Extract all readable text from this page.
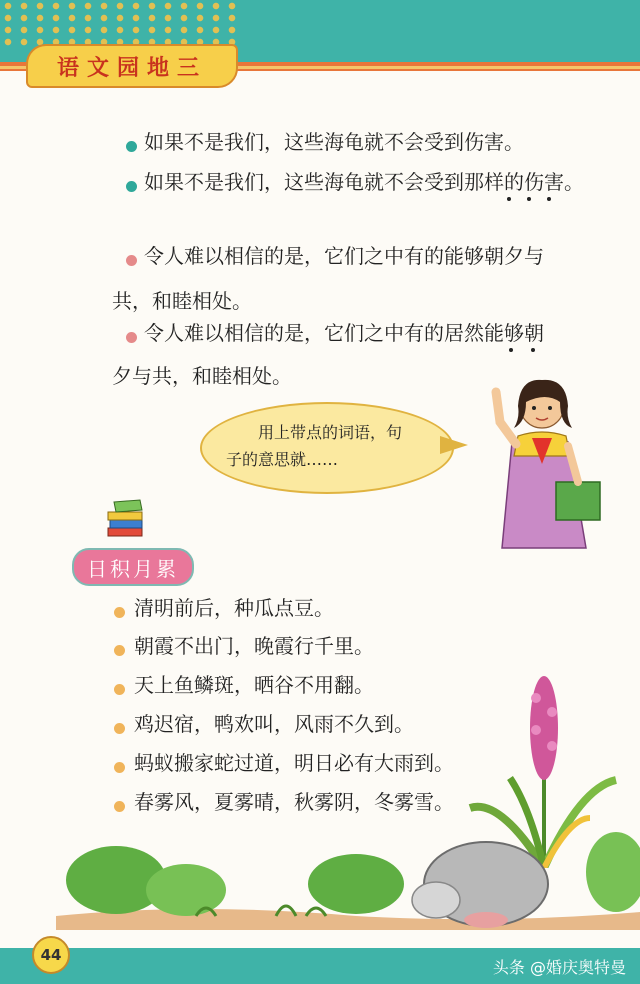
语文园地三
如果不是我们，这些海龟就不会受到伤害。
如果不是我们，这些海龟就不会受到那样的伤害。
令人难以相信的是，它们之中有的能够朝夕与
共，和睦相处。
令人难以相信的是，它们之中有的居然能够朝
夕与共，和睦相处。
用上带点的词语，句
子的意思就……
日积月累
清明前后，种瓜点豆。
朝霞不出门，晚霞行千里。
天上鱼鳞斑，晒谷不用翻。
鸡迟宿，鸭欢叫，风雨不久到。
蚂蚁搬家蛇过道，明日必有大雨到。
春雾风，夏雾晴，秋雾阴，冬雾雪。
44
头条 @婚庆奥特曼
